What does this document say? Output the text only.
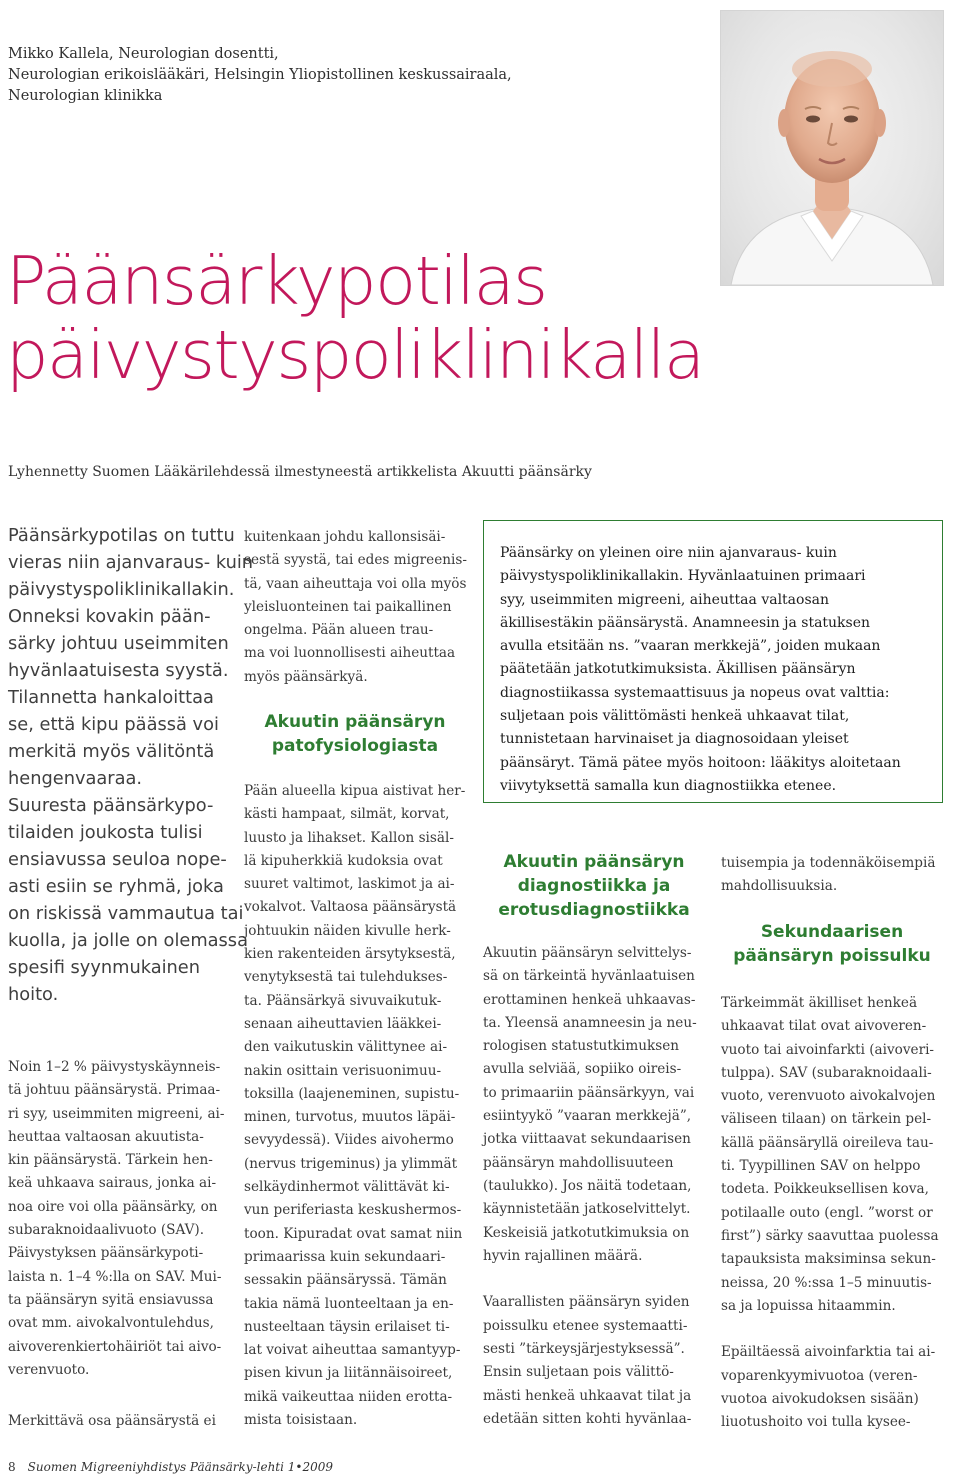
Mikko Kallela, Neurologian dosentti,
Neurologian erikoislääkäri, Helsingin Yliopistollinen keskussairaala,
Neurologian klinikka
Päänsärkypotilas
päivystyspoliklinikalla
Lyhennetty Suomen Lääkärilehdessä ilmestyneestä artikkelista Akuutti päänsärky
Päänsärkypotilas on tuttu
vieras niin ajanvaraus- kuin
päivystyspoliklinikallakin.
Onneksi kovakin pään-
särky johtuu useimmiten
hyvänlaatuisesta syystä.
Tilannetta hankaloittaa
se, että kipu päässä voi
merkitä myös välitöntä
hengenvaaraa.
Suuresta päänsärkypo-
tilaiden joukosta tulisi
ensiavussa seuloa nope-
asti esiin se ryhmä, joka
on riskissä vammautua tai
kuolla, ja jolle on olemassa
spesifi syynmukainen
hoito.
Noin 1–2 % päivystyskäynneis-
tä johtuu päänsärystä. Primaa-
ri syy, useimmiten migreeni, ai-
heuttaa valtaosan akuutista-
kin päänsärystä. Tärkein hen-
keä uhkaava sairaus, jonka ai-
noa oire voi olla päänsärky, on
subaraknoidaalivuoto (SAV).
Päivystyksen päänsärkypoti-
laista n. 1–4 %:lla on SAV. Mui-
ta päänsäryn syitä ensiavussa
ovat mm. aivokalvontulehdus,
aivoverenkiertohäiriöt tai aivo-
verenvuoto.
Merkittävä osa päänsärystä ei
kuitenkaan johdu kallonsisäi-
sestä syystä, tai edes migreenis-
tä, vaan aiheuttaja voi olla myös
yleisluonteinen tai paikallinen
ongelma. Pään alueen trau-
ma voi luonnollisesti aiheuttaa
myös päänsärkyä.
Akuutin päänsäryn
patofysiologiasta
Pään alueella kipua aistivat her-
kästi hampaat, silmät, korvat,
luusto ja lihakset. Kallon sisäl-
lä kipuherkkiä kudoksia ovat
suuret valtimot, laskimot ja ai-
vokalvot. Valtaosa päänsärystä
johtuukin näiden kivulle herk-
kien rakenteiden ärsytyksestä,
venytyksestä tai tulehdukses-
ta. Päänsärkyä sivuvaikutuk-
senaan aiheuttavien lääkkei-
den vaikutuskin välittynee ai-
nakin osittain verisuonimuu-
toksilla (laajeneminen, supistu-
minen, turvotus, muutos läpäi-
sevyydessä). Viides aivohermo
(nervus trigeminus) ja ylimmät
selkäydinhermot välittävät ki-
vun periferiasta keskushermos-
toon. Kipuradat ovat samat niin
primaarissa kuin sekundaari-
sessakin päänsäryssä. Tämän
takia nämä luonteeltaan ja en-
nusteeltaan täysin erilaiset ti-
lat voivat aiheuttaa samantyyp-
pisen kivun ja liitännäisoireet,
mikä vaikeuttaa niiden erotta-
mista toisistaan.
Päänsärky on yleinen oire niin ajanvaraus- kuin
päivystyspoliklinikallakin. Hyvänlaatuinen primaari
syy, useimmiten migreeni, aiheuttaa valtaosan
äkillisestäkin päänsärystä. Anamneesin ja statuksen
avulla etsitään ns. ”vaaran merkkejä”, joiden mukaan
päätetään jatkotutkimuksista. Äkillisen päänsäryn
diagnostiikassa systemaattisuus ja nopeus ovat valttia:
suljetaan pois välittömästi henkeä uhkaavat tilat,
tunnistetaan harvinaiset ja diagnosoidaan yleiset
päänsäryt. Tämä pätee myös hoitoon: lääkitys aloitetaan
viivytyksettä samalla kun diagnostiikka etenee.
Akuutin päänsäryn
diagnostiikka ja
erotusdiagnostiikka
Akuutin päänsäryn selvittelys-
sä on tärkeintä hyvänlaatuisen
erottaminen henkeä uhkaavas-
ta. Yleensä anamneesin ja neu-
rologisen statustutkimuksen
avulla selviää, sopiiko oireis-
to primaariin päänsärkyyn, vai
esiintyykö ”vaaran merkkejä”,
jotka viittaavat sekundaarisen
päänsäryn mahdollisuuteen
(taulukko). Jos näitä todetaan,
käynnistetään jatkoselvittelyt.
Keskeisiä jatkotutkimuksia on
hyvin rajallinen määrä.

Vaarallisten päänsäryn syiden
poissulku etenee systemaatti-
sesti ”tärkeysjärjestyksessä”.
Ensin suljetaan pois välittö-
mästi henkeä uhkaavat tilat ja
edetään sitten kohti hyvänlaa-
tuisempia ja todennäköisempiä
mahdollisuuksia.
Sekundaarisen
päänsäryn poissulku
Tärkeimmät äkilliset henkeä
uhkaavat tilat ovat aivoveren-
vuoto tai aivoinfarkti (aivoveri-
tulppa). SAV (subaraknoidaali-
vuoto, verenvuoto aivokalvojen
väliseen tilaan) on tärkein pel-
källä päänsäryllä oireileva tau-
ti. Tyypillinen SAV on helppo
todeta. Poikkeuksellisen kova,
potilaalle outo (engl. ”worst or
first”) särky saavuttaa puolessa
tapauksista maksiminsa sekun-
neissa, 20 %:ssa 1–5 minuutis-
sa ja lopuissa hitaammin.

Epäiltäessä aivoinfarktia tai ai-
voparenkyymivuotoa (veren-
vuotoa aivokudoksen sisään)
liuotushoito voi tulla kysee-
8 Suomen Migreeniyhdistys Päänsärky-lehti 1•2009
